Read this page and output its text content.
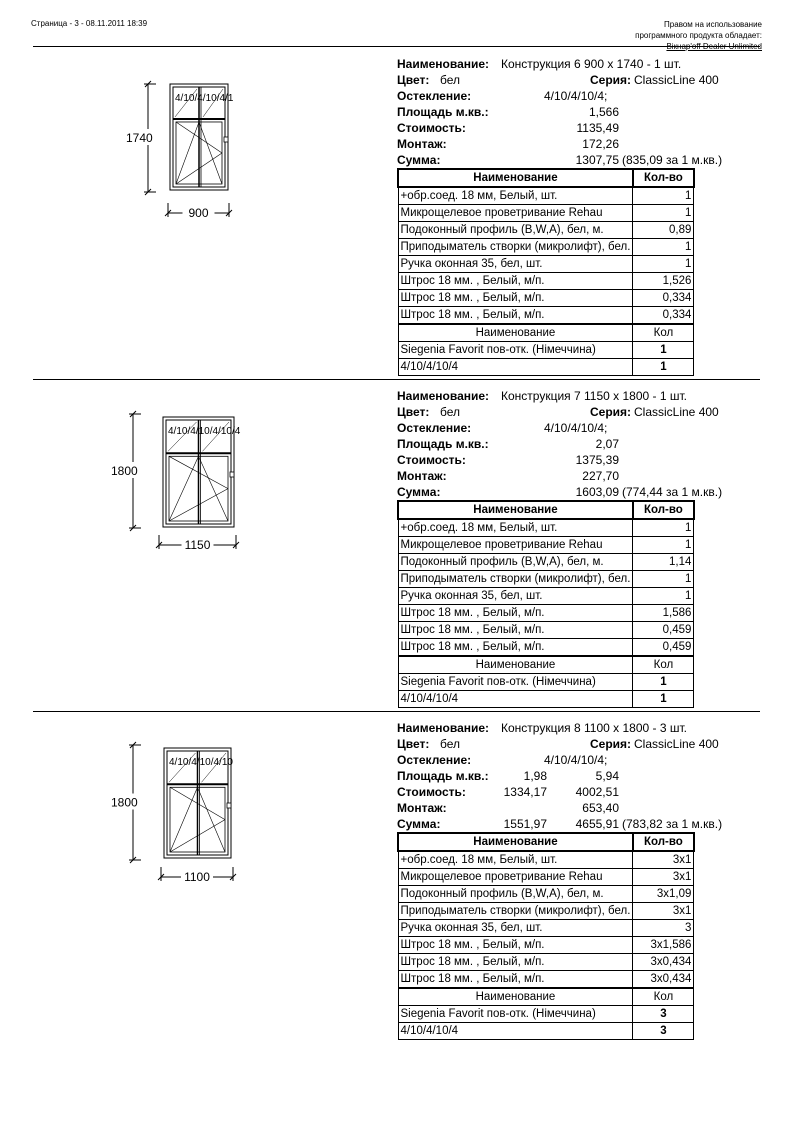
Страница - 3 - 08.11.2011 18:39	Правом на использование
программного продукта обладает:
Вікнар'off Dealer Unlimited
4/10/4/10/4/1
1740
900
Наименование: Конструкция 6 900 x 1740 - 1 шт.
Цвет: бел	Серия: ClassicLine 400
Остекление:	4/10/4/10/4;
Площадь м.кв.:	1,566
Стоимость:	1135,49
Монтаж:	172,26
Сумма:	1307,75 (835,09 за 1 м.кв.)
Наименование	Кол-во
+обр.соед. 18 мм, Белый, шт.	1
Микрощелевое проветривание Rehau	1
Подоконный профиль (B,W,A), бел, м.	0,89
Приподыматель створки (микролифт), бел.	1
Ручка оконная 35, бел, шт.	1
Штрос 18 мм. , Белый, м/п.	1,526
Штрос 18 мм. , Белый, м/п.	0,334
Штрос 18 мм. , Белый, м/п.	0,334
Наименование	Кол
Siegenia Favorit пов-отк. (Німеччина)	1
4/10/4/10/4	1
4/10/4/10/4/10/4
1800
1150
Наименование: Конструкция 7 1150 x 1800 - 1 шт.
Цвет: бел	Серия: ClassicLine 400
Остекление:	4/10/4/10/4;
Площадь м.кв.:	2,07
Стоимость:	1375,39
Монтаж:	227,70
Сумма:	1603,09 (774,44 за 1 м.кв.)
Наименование	Кол-во
+обр.соед. 18 мм, Белый, шт.	1
Микрощелевое проветривание Rehau	1
Подоконный профиль (B,W,A), бел, м.	1,14
Приподыматель створки (микролифт), бел.	1
Ручка оконная 35, бел, шт.	1
Штрос 18 мм. , Белый, м/п.	1,586
Штрос 18 мм. , Белый, м/п.	0,459
Штрос 18 мм. , Белый, м/п.	0,459
Наименование	Кол
Siegenia Favorit пов-отк. (Німеччина)	1
4/10/4/10/4	1
4/10/4/10/4/10
1800
1100
Наименование: Конструкция 8 1100 x 1800 - 3 шт.
Цвет: бел	Серия: ClassicLine 400
Остекление:	4/10/4/10/4;
Площадь м.кв.:	1,98	5,94
Стоимость:	1334,17 4002,51
Монтаж:	653,40
Сумма:	1551,97 4655,91 (783,82 за 1 м.кв.)
Наименование	Кол-во
+обр.соед. 18 мм, Белый, шт.	3x1
Микрощелевое проветривание Rehau	3x1
Подоконный профиль (B,W,A), бел, м.	3x1,09
Приподыматель створки (микролифт), бел.	3x1
Ручка оконная 35, бел, шт.	3
Штрос 18 мм. , Белый, м/п.	3x1,586
Штрос 18 мм. , Белый, м/п.	3x0,434
Штрос 18 мм. , Белый, м/п.	3x0,434
Наименование	Кол
Siegenia Favorit пов-отк. (Німеччина)	3
4/10/4/10/4	3
